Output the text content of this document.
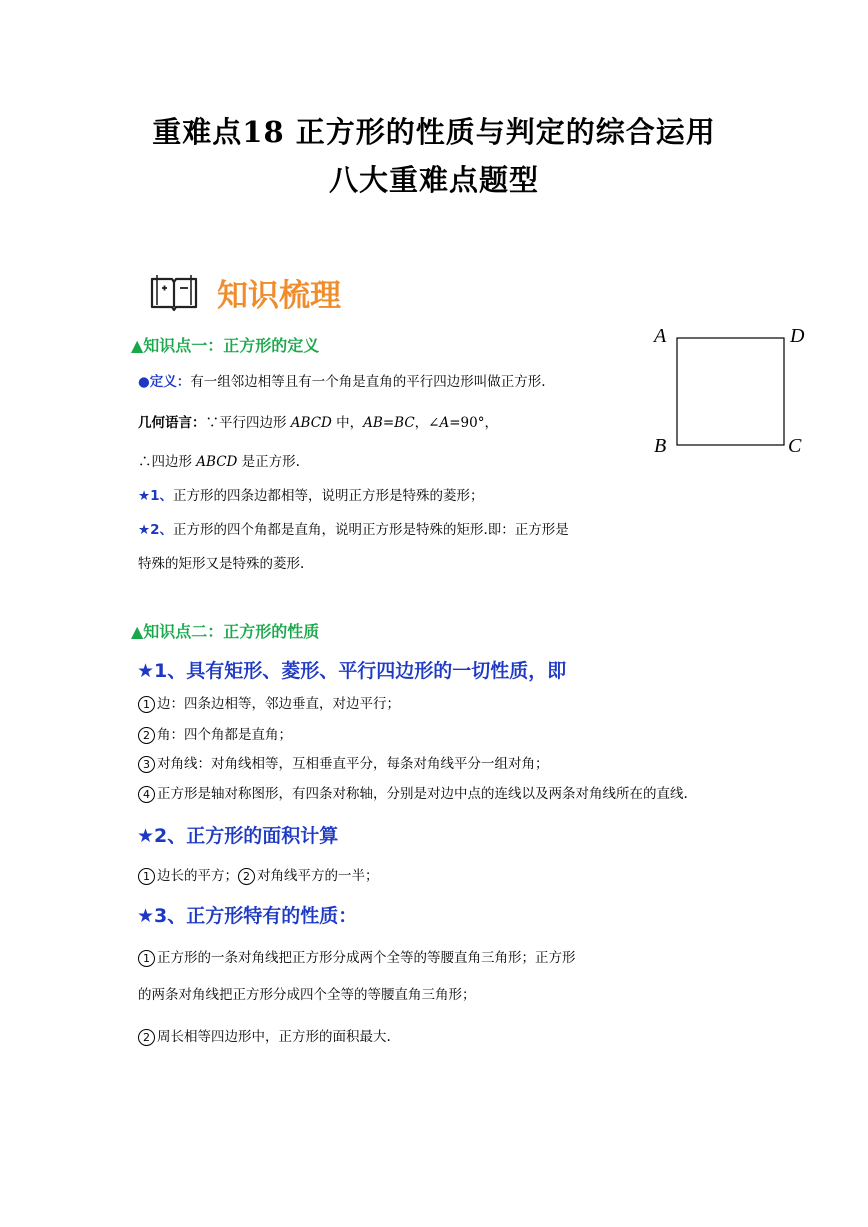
重难点18 正方形的性质与判定的综合运用
八大重难点题型
知识梳理
▲知识点一：正方形的定义
●定义：有一组邻边相等且有一个角是直角的平行四边形叫做正方形.
几何语言：∵平行四边形 ABCD 中，AB=BC，∠A=90°，
∴四边形 ABCD 是正方形.
★1、正方形的四条边都相等，说明正方形是特殊的菱形；
★2、正方形的四个角都是直角，说明正方形是特殊的矩形.即：正方形是
特殊的矩形又是特殊的菱形.
A	D
B	C
▲知识点二：正方形的性质
★1、具有矩形、菱形、平行四边形的一切性质，即
1 边：四条边相等，邻边垂直，对边平行；
2 角：四个角都是直角；
3 对角线：对角线相等，互相垂直平分，每条对角线平分一组对角；
4 正方形是轴对称图形，有四条对称轴，分别是对边中点的连线以及两条对角线所在的直线.
★2、正方形的面积计算
1 边长的平方； 2 对角线平方的一半；
★3、正方形特有的性质：
1 正方形的一条对角线把正方形分成两个全等的等腰直角三角形；正方形
的两条对角线把正方形分成四个全等的等腰直角三角形；
2 周长相等四边形中，正方形的面积最大.
